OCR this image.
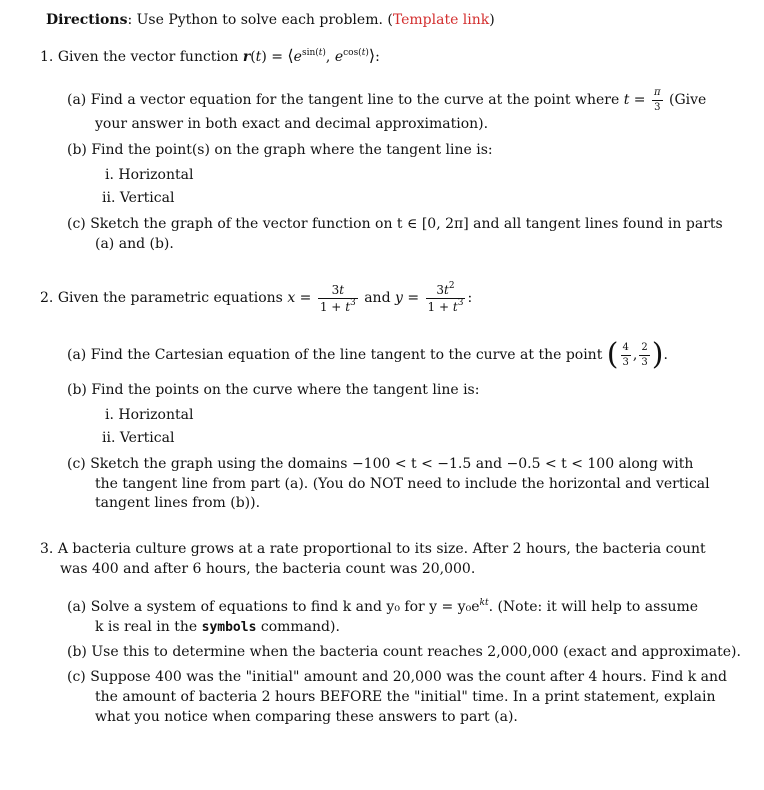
Directions: Use Python to solve each problem. (Template link)
1. Given the vector function $r(t) = ⟨e^{sin(t)}$, $e^{cos(t)}⟩$:
(a) Find a vector equation for the tangent line to the curve at the point where $t = \frac{\pi}{3}$ (Give
your answer in both exact and decimal approximation).
(b) Find the point(s) on the graph where the tangent line is:
i. Horizontal
ii. Vertical
(c) Sketch the graph of the vector function on t ∈ [0, 2π] and all tangent lines found in parts
(a) and (b).
2. Given the parametric equations $x = \frac{3t}{1 + t^3}$ and $y = \frac{3t^2}{1 + t^3}$ :
(a) Find the Cartesian equation of the line tangent to the curve at the point ( $\frac{4}{3}$ , $\frac{2}{3}$ ).
(b) Find the points on the curve where the tangent line is:
i. Horizontal
ii. Vertical
(c) Sketch the graph using the domains −100 < t < −1.5 and −0.5 < t < 100 along with
the tangent line from part (a). (You do NOT need to include the horizontal and vertical
tangent lines from (b)).
3. A bacteria culture grows at a rate proportional to its size. After 2 hours, the bacteria count
was 400 and after 6 hours, the bacteria count was 20,000.
(a) Solve a system of equations to find k and y₀ for $y = y_0e^{kt}$. (Note: it will help to assume
k is real in the symbols command).
(b) Use this to determine when the bacteria count reaches 2,000,000 (exact and approximate).
(c) Suppose 400 was the "initial" amount and 20,000 was the count after 4 hours. Find k and
the amount of bacteria 2 hours BEFORE the "initial" time. In a print statement, explain
what you notice when comparing these answers to part (a).
